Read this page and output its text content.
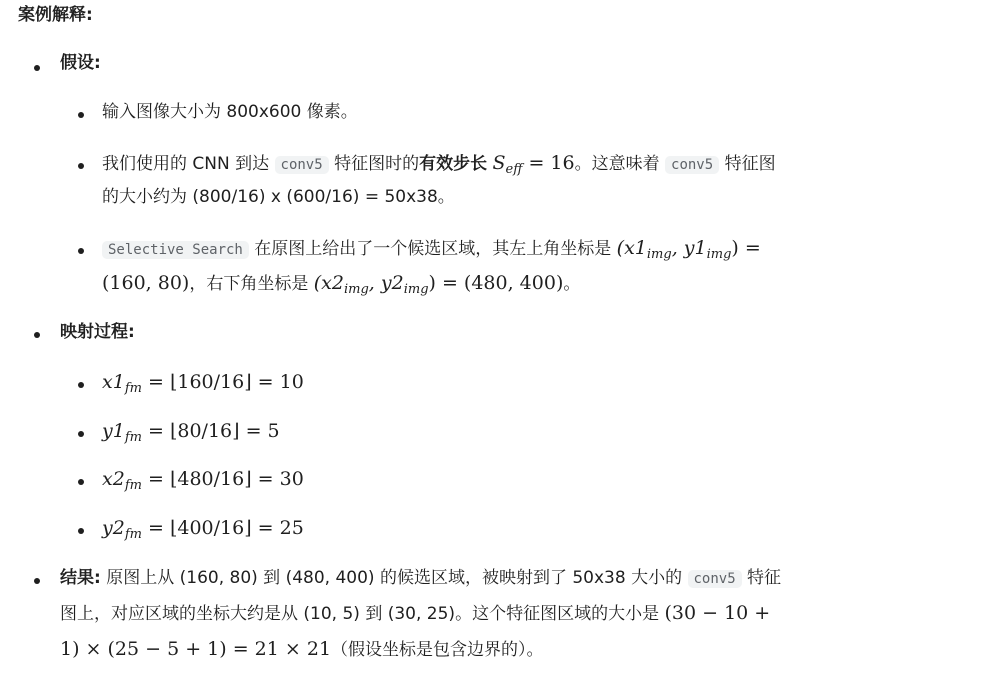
案例解释:
假设:
输入图像大小为 800x600 像素。
我们使用的 CNN 到达 conv5 特征图时的有效步长 $S_{eff} = 16$。这意味着 conv5 特征图
的大小约为 (800/16) x (600/16) = 50x38。
Selective Search 在原图上给出了一个候选区域，其左上角坐标是 ($x1_{img}$, $y1_{img}$) =
(160, 80)，右下角坐标是 ($x2_{img}$, $y2_{img}) = (480$, 400)。
映射过程:
$x1_{fm}$ = ⌊160/16⌋ = 10
$y1_{fm}$ = ⌊80/16⌋ = 5
$x2_{fm}$ = ⌊480/16⌋ = 30
$y2_{fm}$ = ⌊400/16⌋ = 25
结果: 原图上从 (160, 80) 到 (480, 400) 的候选区域，被映射到了 50x38 大小的 conv5 特征
图上，对应区域的坐标大约是从 (10, 5) 到 (30, 25)。这个特征图区域的大小是 (30 − 10 +
1) × (25 − 5 + 1) = 21 × 21（假设坐标是包含边界的）。
